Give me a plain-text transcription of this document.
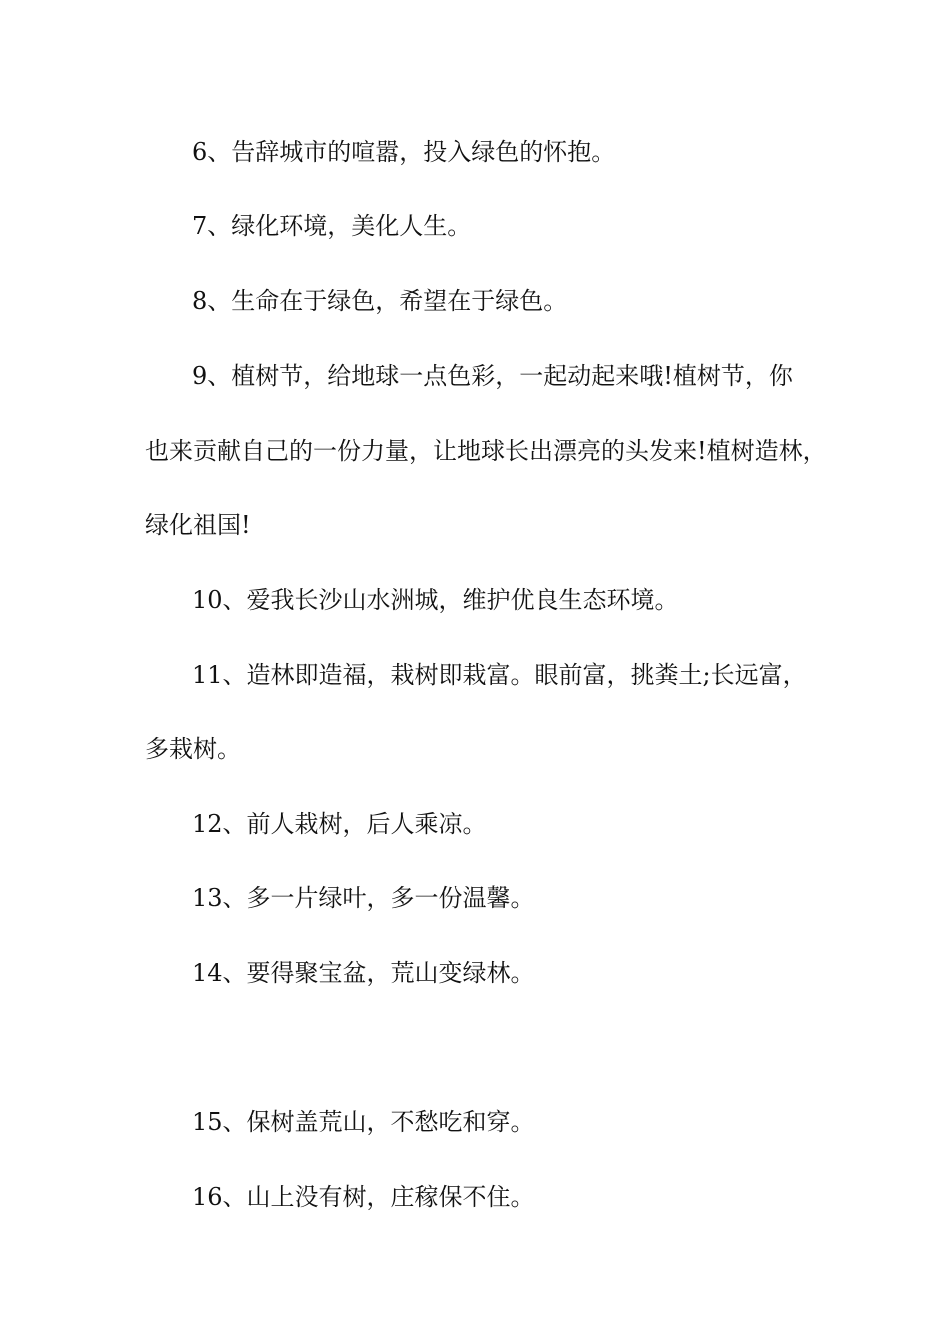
6、告辞城市的喧嚣，投入绿色的怀抱。
7、绿化环境，美化人生。
8、生命在于绿色，希望在于绿色。
9、植树节，给地球一点色彩，一起动起来哦!植树节，你
也来贡献自己的一份力量，让地球长出漂亮的头发来!植树造林，
绿化祖国!
10、爱我长沙山水洲城，维护优良生态环境。
11、造林即造福，栽树即栽富。眼前富，挑粪土;长远富，
多栽树。
12、前人栽树，后人乘凉。
13、多一片绿叶，多一份温馨。
14、要得聚宝盆，荒山变绿林。
15、保树盖荒山，不愁吃和穿。
16、山上没有树，庄稼保不住。
